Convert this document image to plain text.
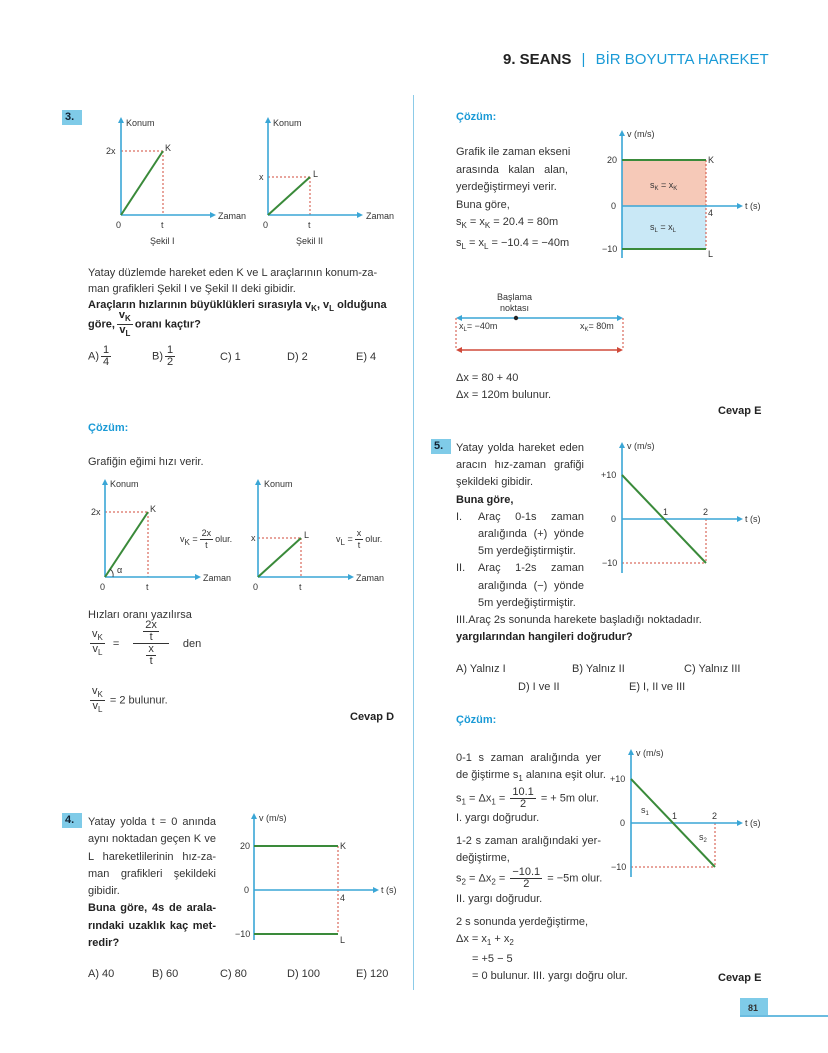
9. SEANS | BİR BOYUTTA HAREKET
3.	Konum
Zaman
2x
t
0
K
Şekil I
Konum
Zaman
x
t
0
L
Şekil II
α
Konum
Zaman
2x
t
0
K
Konum
Zaman
x
t
0
L
v (m/s)
t (s)
20
0
−10
4
K
L
v (m/s)
t (s)
20
0
−10
4
K
L
$s_K = x_K$
$s_L = x_L$
Başlama
noktası
$x_L= -40m$	$x_K= 80m$
v (m/s)
t (s)
+10
0
−10
1	2
v (m/s)
t (s)
+10
0
−10
1	2
$s_1$
$s_2$
81
Yatay düzlemde hareket eden K ve L araçlarının konum-za-
man grafikleri Şekil I ve Şekil II deki gibidir.
Araçların hızlarının büyüklükleri sırasıyla $v_K$, $v_L$ olduğuna
göre, $\frac{v_K}{v_L}$ oranı kaçtır?
$A) \frac{1}{4}$	$B) \frac{1}{2}$	C) 1	D) 2	E) 4
Çözüm:
Grafiğin eğimi hızı verir.
$v_K = \frac{2x}{t}$ olur.	$v_L = \frac{x}{t}$ olur.
Hızları oranı yazılırsa
$\frac{v_K}{v_L} = \frac{\frac{2x}{t}}{\frac{x}{t}}$ den
$\frac{v_K}{v_L} = 2$ bulunur.
Cevap D
4.	Yatay yolda t = 0 anında
aynı noktadan geçen K ve
L hareketlilerinin hız-za-
man grafikleri şekildeki
gibidir.
Buna göre, 4s de arala-
rındaki uzaklık kaç met-
redir?
A) 40	B) 60	C) 80	D) 100	E) 120
Çözüm:
Grafik ile zaman ekseni
arasında kalan alan,
yerdeğiştirmeyi verir.
Buna göre,
$s_K = x_K = 20.4 = 80m$
$s_L = x_L = -10.4 = -40m$
Δx = 80 + 40
Δx = 120m bulunur.
Cevap E
5.	Yatay yolda hareket eden
aracın hız-zaman grafiği
şekildeki gibidir.
Buna göre,
I.	Araç 0-1s zaman
aralığında (+) yönde
5m yerdeğiştirmiştir.
II.	Araç 1-2s zaman
aralığında (−) yönde
5m yerdeğiştirmiştir.
III. Araç 2s sonunda harekete başladığı noktadadır.
yargılarından hangileri doğrudur?
A) Yalnız I	B) Yalnız II	C) Yalnız III
D) I ve II	E) I, II ve III
Çözüm:
0-1 s zaman aralığında yer
de ğiştirme $s_1$ alanına eşit olur.
$s_1 = \Delta x_1 = \frac{10.1}{2}$ = + 5m olur.
I. yargı doğrudur.
1-2 s zaman aralığındaki yer-
değiştirme,
$s_2 = \Delta x_2 = \frac{-10.1}{2} = -5m$ olur.
II. yargı doğrudur.
2 s sonunda yerdeğiştirme,
$\Delta x = x_1 + x_2$
= +5 − 5
= 0 bulunur. III. yargı doğru olur.	Cevap E
